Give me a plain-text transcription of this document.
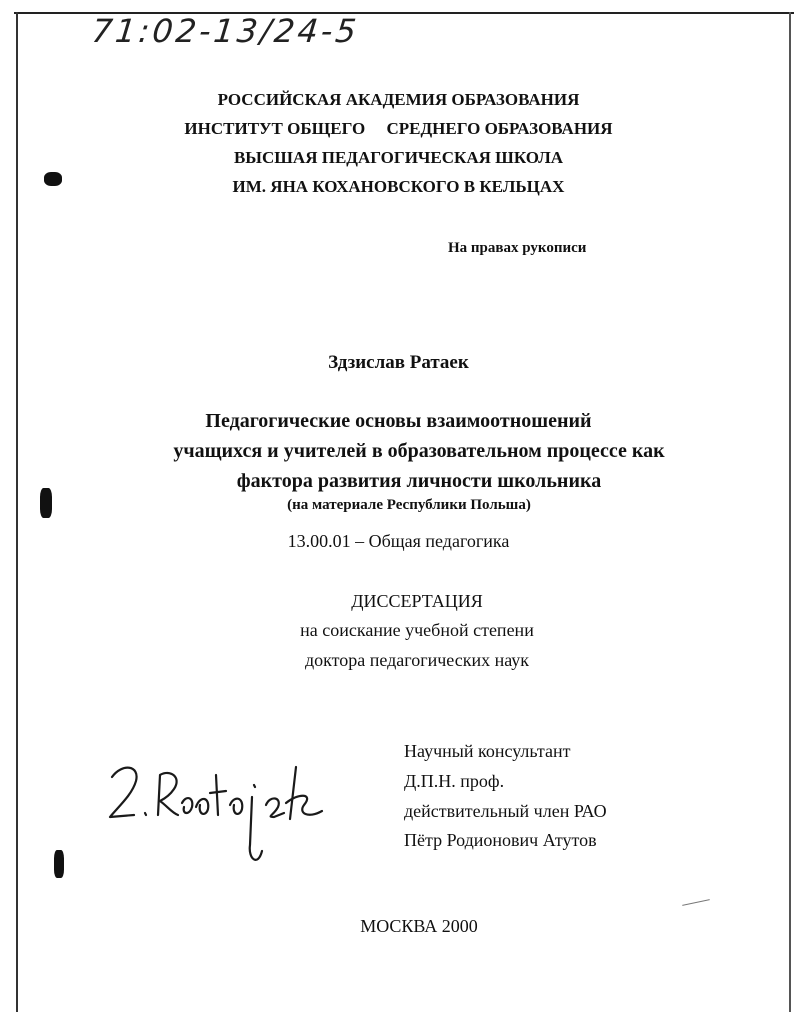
71:02-13/24-5
РОССИЙСКАЯ АКАДЕМИЯ ОБРАЗОВАНИЯ
ИНСТИТУТ ОБЩЕГО     СРЕДНЕГО ОБРАЗОВАНИЯ
ВЫСШАЯ ПЕДАГОГИЧЕСКАЯ ШКОЛА
ИМ. ЯНА КОХАНОВСКОГО В КЕЛЬЦАХ
На правах рукописи
Здзислав Ратаек
Педагогические основы взаимоотношений
учащихся и учителей в образовательном процессе как
фактора развития личности школьника
(на материале Республики Польша)
13.00.01 – Общая педагогика
ДИССЕРТАЦИЯ
на соискание учебной степени
доктора педагогических наук
Научный консультант
Д.П.Н. проф.
действительный член РАО
Пётр Родионович Атутов
МОСКВА 2000
